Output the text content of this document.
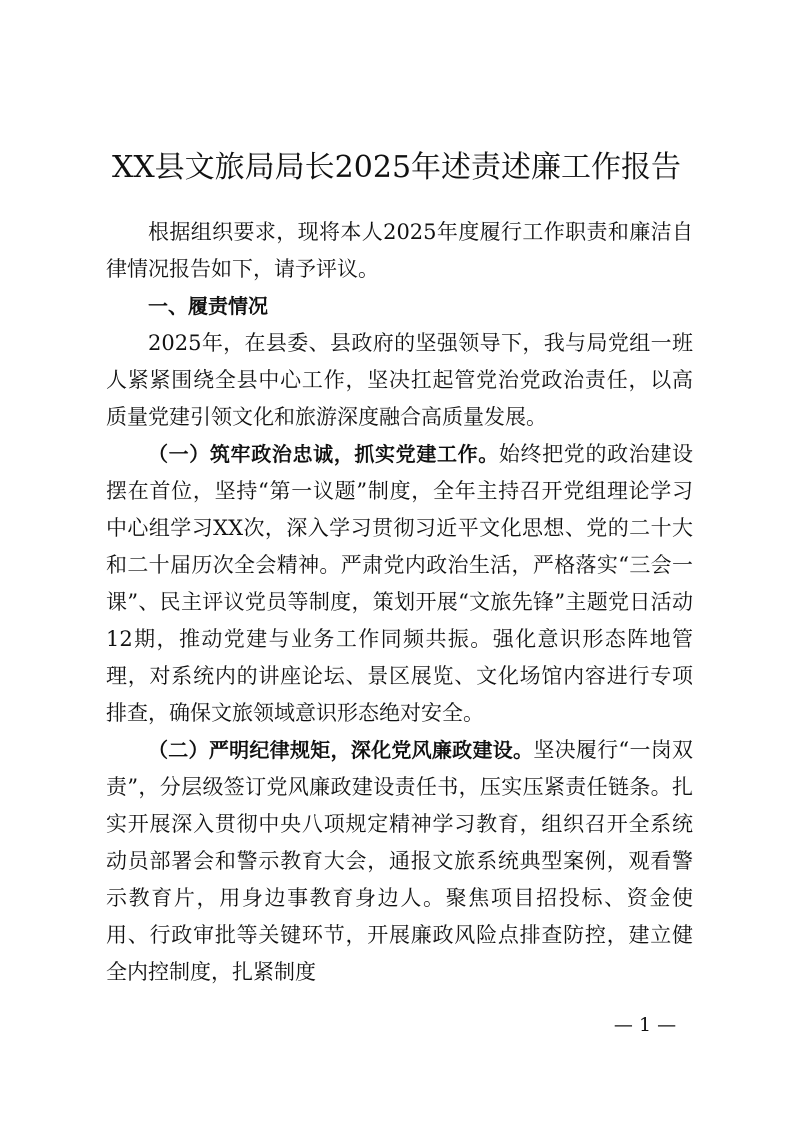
XX县文旅局局长2025年述责述廉工作报告

根据组织要求，现将本人2025年度履行工作职责和廉洁自律情况报告如下，请予评议。

一、履责情况

2025年，在县委、县政府的坚强领导下，我与局党组一班人紧紧围绕全县中心工作，坚决扛起管党治党政治责任，以高质量党建引领文化和旅游深度融合高质量发展。

（一）筑牢政治忠诚，抓实党建工作。始终把党的政治建设摆在首位，坚持“第一议题”制度，全年主持召开党组理论学习中心组学习XX次，深入学习贯彻习近平文化思想、党的二十大和二十届历次全会精神。严肃党内政治生活，严格落实“三会一课”、民主评议党员等制度，策划开展“文旅先锋”主题党日活动12期，推动党建与业务工作同频共振。强化意识形态阵地管理，对系统内的讲座论坛、景区展览、文化场馆内容进行专项排查，确保文旅领域意识形态绝对安全。

（二）严明纪律规矩，深化党风廉政建设。坚决履行“一岗双责”，分层级签订党风廉政建设责任书，压实压紧责任链条。扎实开展深入贯彻中央八项规定精神学习教育，组织召开全系统动员部署会和警示教育大会，通报文旅系统典型案例，观看警示教育片，用身边事教育身边人。聚焦项目招投标、资金使用、行政审批等关键环节，开展廉政风险点排查防控，建立健全内控制度，扎紧制度

— 1 —
